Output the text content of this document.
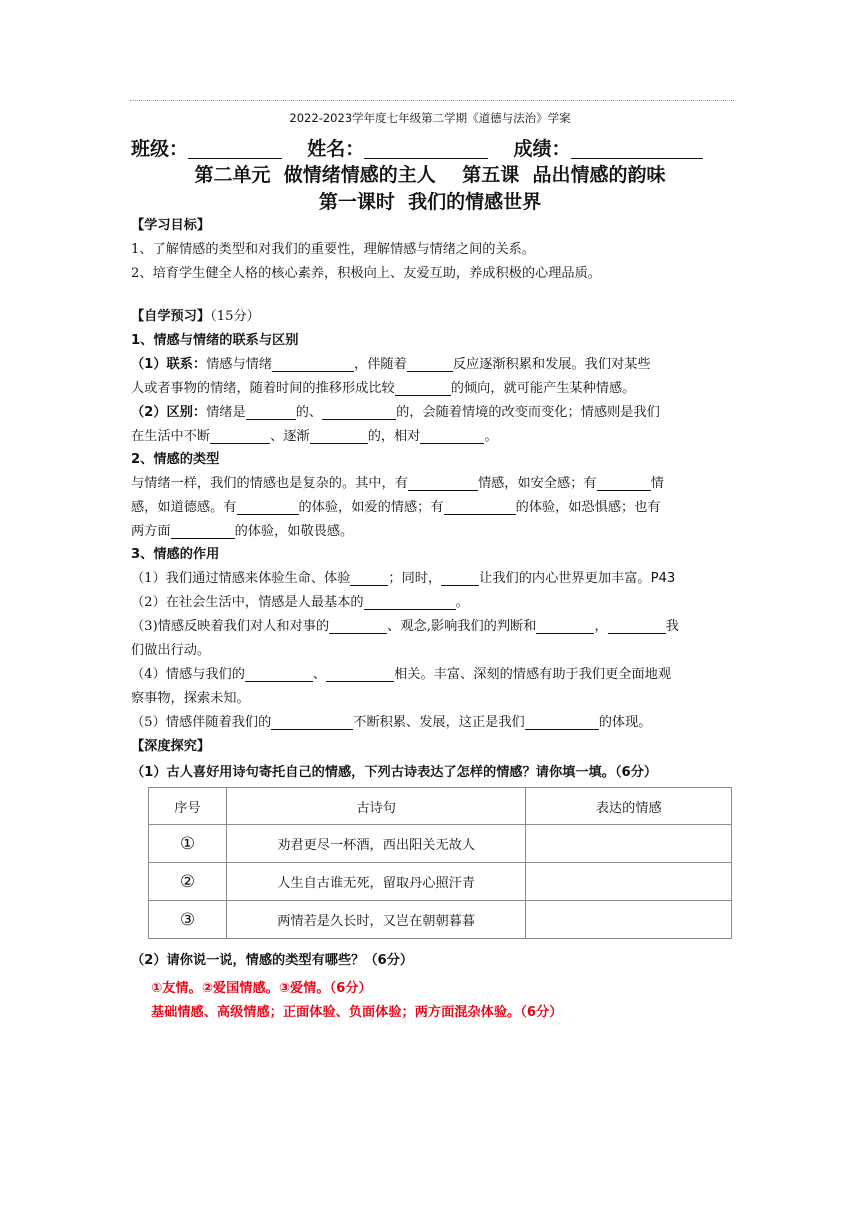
2022-2023学年度七年级第二学期《道德与法治》学案
班级：	姓名：	成绩：
第二单元  做情绪情感的主人    第五课  品出情感的韵味
第一课时  我们的情感世界
【学习目标】
1、了解情感的类型和对我们的重要性，理解情感与情绪之间的关系。
2、培育学生健全人格的核心素养，积极向上、友爱互助，养成积极的心理品质。
【自学预习】（15分）
1、情感与情绪的联系与区别
（1）联系：情感与情绪	，伴随着	反应逐渐积累和发展。我们对某些
人或者事物的情绪，随着时间的推移形成比较	的倾向，就可能产生某种情感。
（2）区别：情绪是	的、	的，会随着情境的改变而变化；情感则是我们
在生活中不断	、逐渐	的，相对	。
2、情感的类型
与情绪一样，我们的情感也是复杂的。其中，有	情感，如安全感；有	情
感，如道德感。有	的体验，如爱的情感；有	的体验，如恐惧感；也有
两方面	的体验，如敬畏感。
3、情感的作用
（1）我们通过情感来体验生命、体验	；同时，	让我们的内心世界更加丰富。P43
（2）在社会生活中，情感是人最基本的	。
（3)情感反映着我们对人和对事的	、观念,影响我们的判断和	，	我
们做出行动。
（4）情感与我们的	、	相关。丰富、深刻的情感有助于我们更全面地观
察事物，探索未知。
（5）情感伴随着我们的	不断积累、发展，这正是我们	的体现。
【深度探究】
（1）古人喜好用诗句寄托自己的情感，下列古诗表达了怎样的情感？请你填一填。（6分）
序号	古诗句	表达的情感
①	劝君更尽一杯酒，西出阳关无故人	
②	人生自古谁无死，留取丹心照汗青	
③	两情若是久长时，又岂在朝朝暮暮	
（2）请你说一说，情感的类型有哪些？（6分）
①友情。②爱国情感。③爱情。（6分）
基础情感、高级情感；正面体验、负面体验；两方面混杂体验。（6分）
